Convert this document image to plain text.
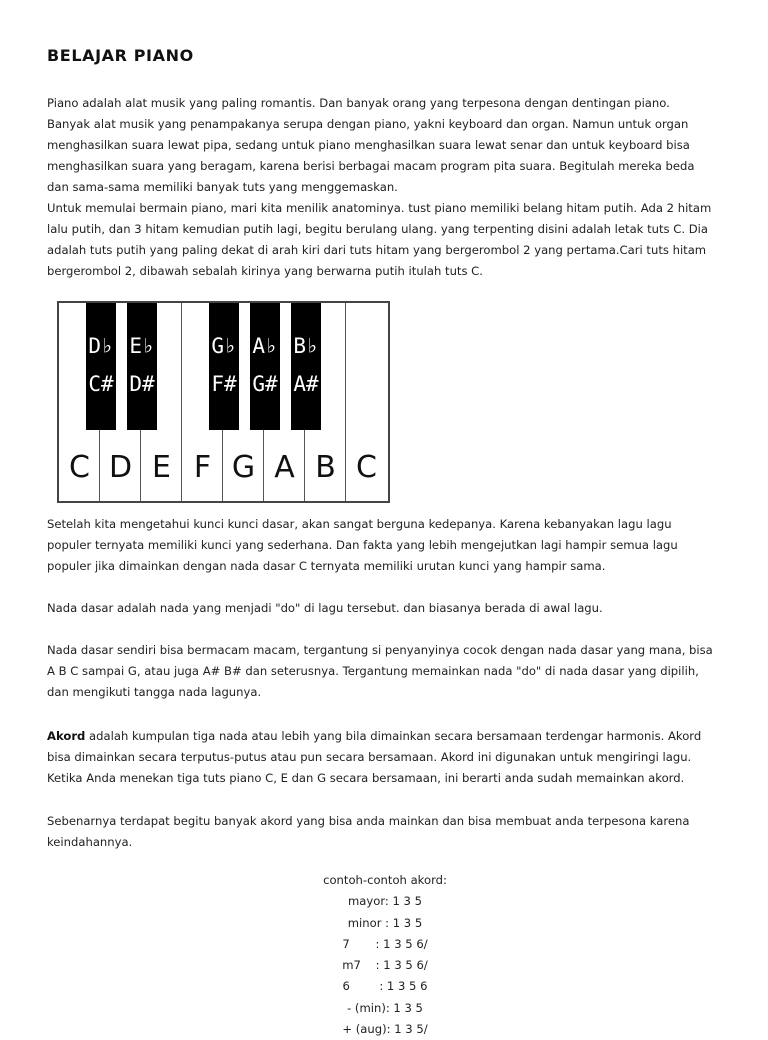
BELAJAR PIANO
Piano adalah alat musik yang paling romantis. Dan banyak orang yang terpesona dengan dentingan piano.
Banyak alat musik yang penampakanya serupa dengan piano, yakni keyboard dan organ. Namun untuk organ
menghasilkan suara lewat pipa, sedang untuk piano menghasilkan suara lewat senar dan untuk keyboard bisa
menghasilkan suara yang beragam, karena berisi berbagai macam program pita suara. Begitulah mereka beda
dan sama-sama memiliki banyak tuts yang menggemaskan.
Untuk memulai bermain piano, mari kita menilik anatominya. tust piano memiliki belang hitam putih. Ada 2 hitam
lalu putih, dan 3 hitam kemudian putih lagi, begitu berulang ulang. yang terpenting disini adalah letak tuts C. Dia
adalah tuts putih yang paling dekat di arah kiri dari tuts hitam yang bergerombol 2 yang pertama.Cari tuts hitam
bergerombol 2, dibawah sebalah kirinya yang berwarna putih itulah tuts C.
C D E F G A B C
D♭
C#
E♭
D#
G♭
F#
A♭
G#
B♭
A#
Setelah kita mengetahui kunci kunci dasar, akan sangat berguna kedepanya. Karena kebanyakan lagu lagu
populer ternyata memiliki kunci yang sederhana. Dan fakta yang lebih mengejutkan lagi hampir semua lagu
populer jika dimainkan dengan nada dasar C ternyata memiliki urutan kunci yang hampir sama.
Nada dasar adalah nada yang menjadi "do" di lagu tersebut. dan biasanya berada di awal lagu.
Nada dasar sendiri bisa bermacam macam, tergantung si penyanyinya cocok dengan nada dasar yang mana, bisa
A B C sampai G, atau juga A# B# dan seterusnya. Tergantung memainkan nada "do" di nada dasar yang dipilih,
dan mengikuti tangga nada lagunya.
Akord adalah kumpulan tiga nada atau lebih yang bila dimainkan secara bersamaan terdengar harmonis. Akord
bisa dimainkan secara terputus-putus atau pun secara bersamaan. Akord ini digunakan untuk mengiringi lagu.
Ketika Anda menekan tiga tuts piano C, E dan G secara bersamaan, ini berarti anda sudah memainkan akord.
Sebenarnya terdapat begitu banyak akord yang bisa anda mainkan dan bisa membuat anda terpesona karena
keindahannya.
contoh-contoh akord:
mayor: 1 3 5
minor : 1 3 5
7       : 1 3 5 6/
m7    : 1 3 5 6/
6        : 1 3 5 6
- (min): 1 3 5
+ (aug): 1 3 5/
